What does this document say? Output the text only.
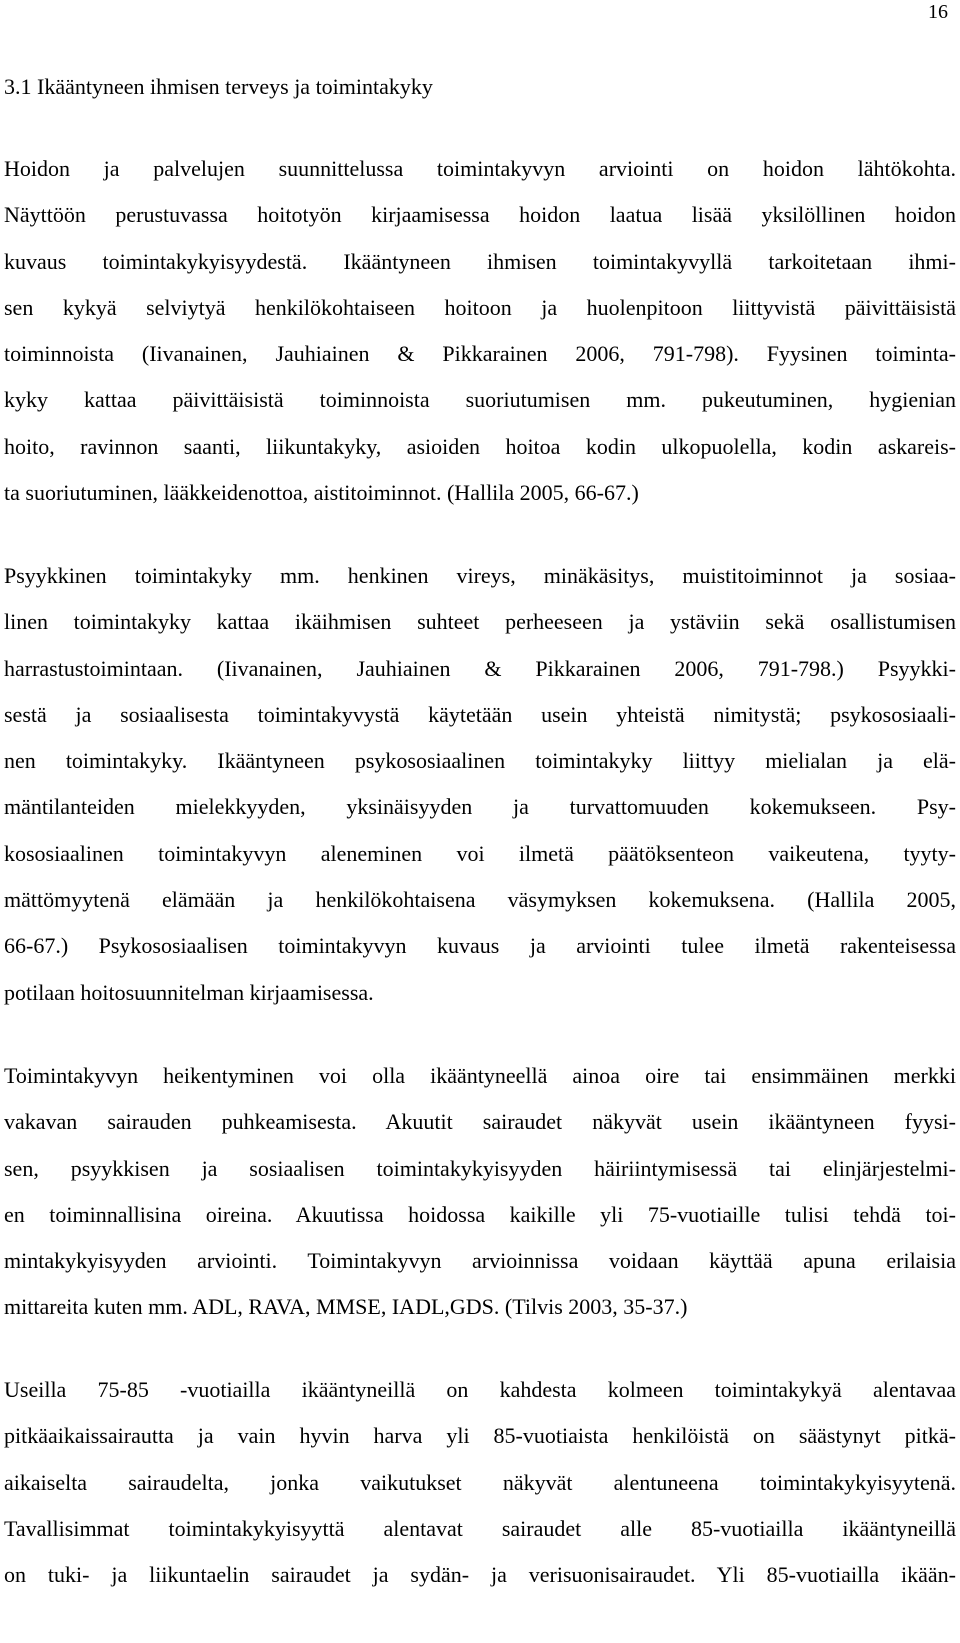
16

3.1 Ikääntyneen ihmisen terveys ja toimintakyky
Hoidon ja palvelujen suunnittelussa toimintakyvyn arviointi on hoidon lähtökohta.
Näyttöön perustuvassa hoitotyön kirjaamisessa hoidon laatua lisää yksilöllinen hoidon
kuvaus toimintakykyisyydestä. Ikääntyneen ihmisen toimintakyvyllä tarkoitetaan ihmi-
sen kykyä selviytyä henkilökohtaiseen hoitoon ja huolenpitoon liittyvistä päivittäisistä
toiminnoista (Iivanainen, Jauhiainen & Pikkarainen 2006, 791-798). Fyysinen toiminta-
kyky kattaa päivittäisistä toiminnoista suoriutumisen mm. pukeutuminen, hygienian
hoito, ravinnon saanti, liikuntakyky, asioiden hoitoa kodin ulkopuolella, kodin askareis-
ta suoriutuminen, lääkkeidenottoa, aistitoiminnot. (Hallila 2005, 66-67.)
Psyykkinen toimintakyky mm. henkinen vireys, minäkäsitys, muistitoiminnot ja sosiaa-
linen toimintakyky kattaa ikäihmisen suhteet perheeseen ja ystäviin sekä osallistumisen
harrastustoimintaan. (Iivanainen, Jauhiainen & Pikkarainen 2006, 791-798.) Psyykki-
sestä ja sosiaalisesta toimintakyvystä käytetään usein yhteistä nimitystä; psykososiaali-
nen toimintakyky. Ikääntyneen psykososiaalinen toimintakyky liittyy mielialan ja elä-
mäntilanteiden mielekkyyden, yksinäisyyden ja turvattomuuden kokemukseen. Psy-
kososiaalinen toimintakyvyn aleneminen voi ilmetä päätöksenteon vaikeutena, tyyty-
mättömyytenä elämään ja henkilökohtaisena väsymyksen kokemuksena. (Hallila 2005,
66-67.) Psykososiaalisen toimintakyvyn kuvaus ja arviointi tulee ilmetä rakenteisessa
potilaan hoitosuunnitelman kirjaamisessa.
Toimintakyvyn heikentyminen voi olla ikääntyneellä ainoa oire tai ensimmäinen merkki
vakavan sairauden puhkeamisesta. Akuutit sairaudet näkyvät usein ikääntyneen fyysi-
sen, psyykkisen ja sosiaalisen toimintakykyisyyden häiriintymisessä tai elinjärjestelmi-
en toiminnallisina oireina. Akuutissa hoidossa kaikille yli 75-vuotiaille tulisi tehdä toi-
mintakykyisyyden arviointi. Toimintakyvyn arvioinnissa voidaan käyttää apuna erilaisia
mittareita kuten mm. ADL, RAVA, MMSE, IADL,GDS. (Tilvis 2003, 35-37.)
Useilla 75-85 -vuotiailla ikääntyneillä on kahdesta kolmeen toimintakykyä alentavaa
pitkäaikaissairautta ja vain hyvin harva yli 85-vuotiaista henkilöistä on säästynyt pitkä-
aikaiselta sairaudelta, jonka vaikutukset näkyvät alentuneena toimintakykyisyytenä.
Tavallisimmat toimintakykyisyyttä alentavat sairaudet alle 85-vuotiailla ikääntyneillä
on tuki- ja liikuntaelin sairaudet ja sydän- ja verisuonisairaudet. Yli 85-vuotiailla ikään-
